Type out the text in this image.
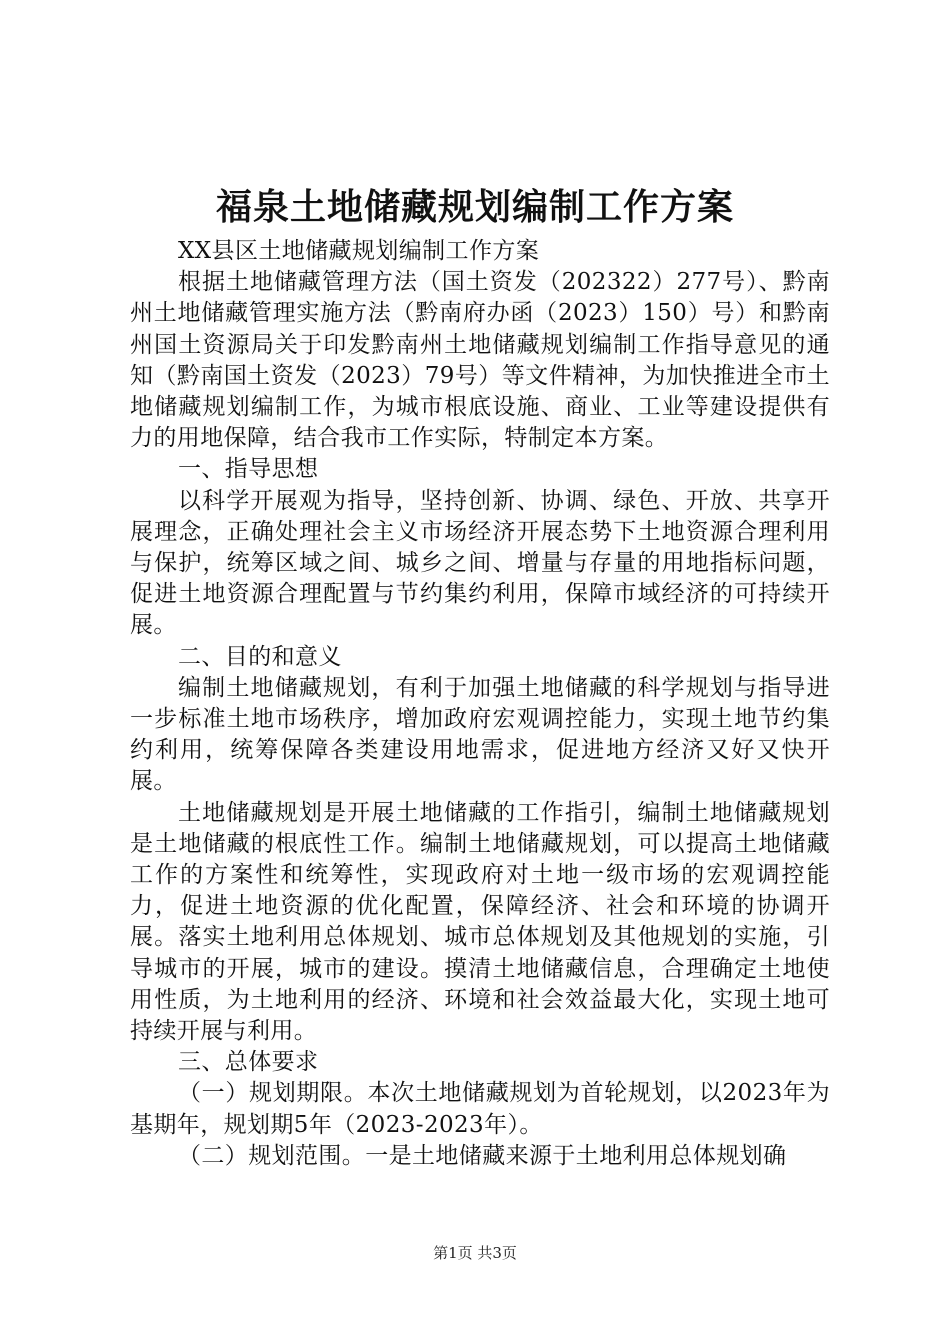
福泉土地储藏规划编制工作方案

XX县区土地储藏规划编制工作方案

根据土地储藏管理方法（国土资发（202322）277号）、黔南州土地储藏管理实施方法（黔南府办函（2023）150）号）和黔南州国土资源局关于印发黔南州土地储藏规划编制工作指导意见的通知（黔南国土资发（2023）79号）等文件精神，为加快推进全市土地储藏规划编制工作，为城市根底设施、商业、工业等建设提供有力的用地保障，结合我市工作实际，特制定本方案。

一、指导思想

以科学开展观为指导，坚持创新、协调、绿色、开放、共享开展理念，正确处理社会主义市场经济开展态势下土地资源合理利用与保护，统筹区域之间、城乡之间、增量与存量的用地指标问题，促进土地资源合理配置与节约集约利用，保障市域经济的可持续开展。

二、目的和意义

编制土地储藏规划，有利于加强土地储藏的科学规划与指导进一步标准土地市场秩序，增加政府宏观调控能力，实现土地节约集约利用，统筹保障各类建设用地需求，促进地方经济又好又快开展。

土地储藏规划是开展土地储藏的工作指引，编制土地储藏规划是土地储藏的根底性工作。编制土地储藏规划，可以提高土地储藏工作的方案性和统筹性，实现政府对土地一级市场的宏观调控能力，促进土地资源的优化配置，保障经济、社会和环境的协调开展。落实土地利用总体规划、城市总体规划及其他规划的实施，引导城市的开展，城市的建设。摸清土地储藏信息，合理确定土地使用性质，为土地利用的经济、环境和社会效益最大化，实现土地可持续开展与利用。

三、总体要求

（一）规划期限。本次土地储藏规划为首轮规划，以2023年为基期年，规划期5年（2023-2023年）。

（二）规划范围。一是土地储藏来源于土地利用总体规划确

第1页 共3页
